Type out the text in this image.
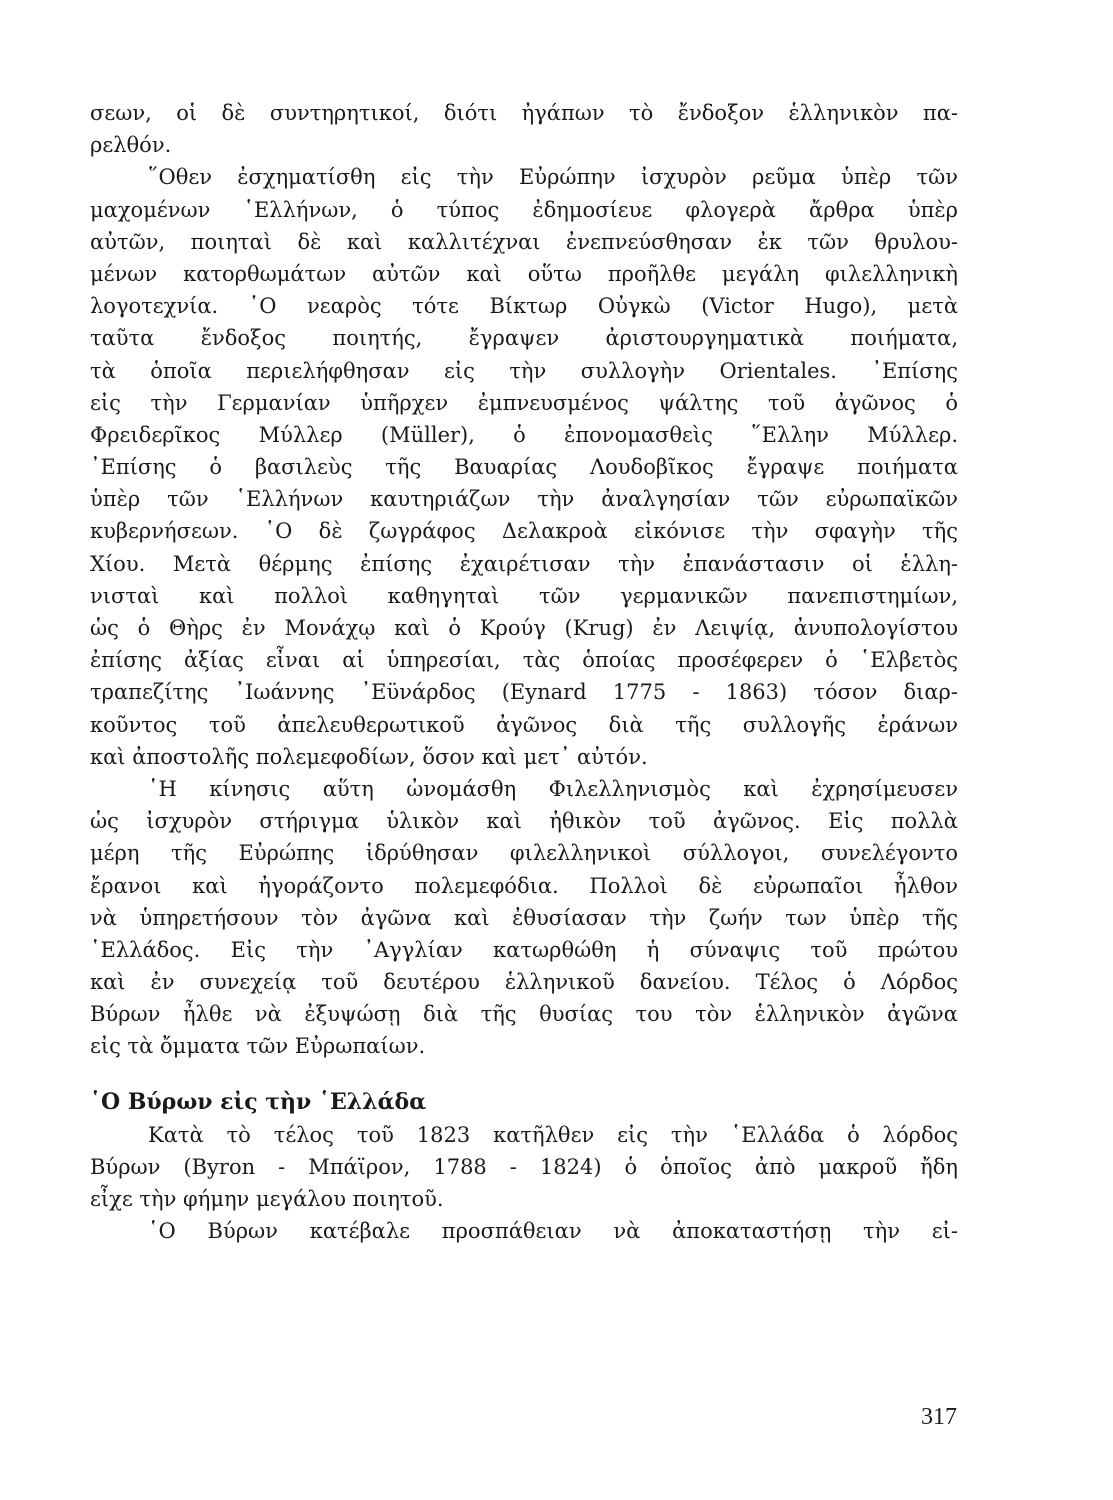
σεων, οἱ δὲ συντηρητικοί, διότι ἠγάπων τὸ ἔνδοξον ἑλληνικὸν πα-
ρελθόν.
῞Οθεν ἐσχηματίσθη εἰς τὴν Εὐρώπην ἰσχυρὸν ρεῦμα ὑπὲρ τῶν
μαχομένων ῾Ελλήνων, ὁ τύπος ἐδημοσίευε φλογερὰ ἄρθρα ὑπὲρ
αὐτῶν, ποιηταὶ δὲ καὶ καλλιτέχναι ἐνεπνεύσθησαν ἐκ τῶν θρυλου-
μένων κατορθωμάτων αὐτῶν καὶ οὕτω προῆλθε μεγάλη φιλελληνικὴ
λογοτεχνία. ῾Ο νεαρὸς τότε Βίκτωρ Οὐγκὼ (Victor Hugo), μετὰ
ταῦτα ἔνδοξος ποιητής, ἔγραψεν ἀριστουργηματικὰ ποιήματα,
τὰ ὁποῖα περιελήφθησαν εἰς τὴν συλλογὴν Orientales. ᾿Επίσης
εἰς τὴν Γερμανίαν ὑπῆρχεν ἐμπνευσμένος ψάλτης τοῦ ἀγῶνος ὁ
Φρειδερῖκος Μύλλερ (Müller), ὁ ἐπονομασθεὶς ῞Ελλην Μύλλερ.
᾿Επίσης ὁ βασιλεὺς τῆς Βαυαρίας Λουδοβῖκος ἔγραψε ποιήματα
ὑπὲρ τῶν ῾Ελλήνων καυτηριάζων τὴν ἀναλγησίαν τῶν εὐρωπαϊκῶν
κυβερνήσεων. ῾Ο δὲ ζωγράφος Δελακροὰ εἰκόνισε τὴν σφαγὴν τῆς
Χίου. Μετὰ θέρμης ἐπίσης ἐχαιρέτισαν τὴν ἐπανάστασιν οἱ ἑλλη-
νισταὶ καὶ πολλοὶ καθηγηταὶ τῶν γερμανικῶν πανεπιστημίων,
ὡς ὁ Θὴρς ἐν Μονάχῳ καὶ ὁ Κρούγ (Krug) ἐν Λειψίᾳ, ἀνυπολογίστου
ἐπίσης ἀξίας εἶναι αἱ ὑπηρεσίαι, τὰς ὁποίας προσέφερεν ὁ ῾Ελβετὸς
τραπεζίτης ᾿Ιωάννης ᾿Εϋνάρδος (Eynard 1775 - 1863) τόσον διαρ-
κοῦντος τοῦ ἀπελευθερωτικοῦ ἀγῶνος διὰ τῆς συλλογῆς ἐράνων
καὶ ἀποστολῆς πολεμεφοδίων, ὅσον καὶ μετ᾿ αὐτόν.
῾Η κίνησις αὕτη ὠνομάσθη Φιλελληνισμὸς καὶ ἐχρησίμευσεν
ὡς ἰσχυρὸν στήριγμα ὑλικὸν καὶ ἠθικὸν τοῦ ἀγῶνος. Εἰς πολλὰ
μέρη τῆς Εὐρώπης ἱδρύθησαν φιλελληνικοὶ σύλλογοι, συνελέγοντο
ἔρανοι καὶ ἠγοράζοντο πολεμεφόδια. Πολλοὶ δὲ εὐρωπαῖοι ἦλθον
νὰ ὑπηρετήσουν τὸν ἀγῶνα καὶ ἐθυσίασαν τὴν ζωήν των ὑπὲρ τῆς
῾Ελλάδος. Εἰς τὴν ᾿Αγγλίαν κατωρθώθη ἡ σύναψις τοῦ πρώτου
καὶ ἐν συνεχείᾳ τοῦ δευτέρου ἑλληνικοῦ δανείου. Τέλος ὁ Λόρδος
Βύρων ἦλθε νὰ ἐξυψώσῃ διὰ τῆς θυσίας του τὸν ἑλληνικὸν ἀγῶνα
εἰς τὰ ὄμματα τῶν Εὐρωπαίων.
῾Ο Βύρων εἰς τὴν ῾Ελλάδα
Κατὰ τὸ τέλος τοῦ 1823 κατῆλθεν εἰς τὴν ῾Ελλάδα ὁ λόρδος
Βύρων (Byron - Μπάϊρον, 1788 - 1824) ὁ ὁποῖος ἀπὸ μακροῦ ἤδη
εἶχε τὴν φήμην μεγάλου ποιητοῦ.
῾Ο Βύρων κατέβαλε προσπάθειαν νὰ ἀποκαταστήσῃ τὴν εἰ-
317
